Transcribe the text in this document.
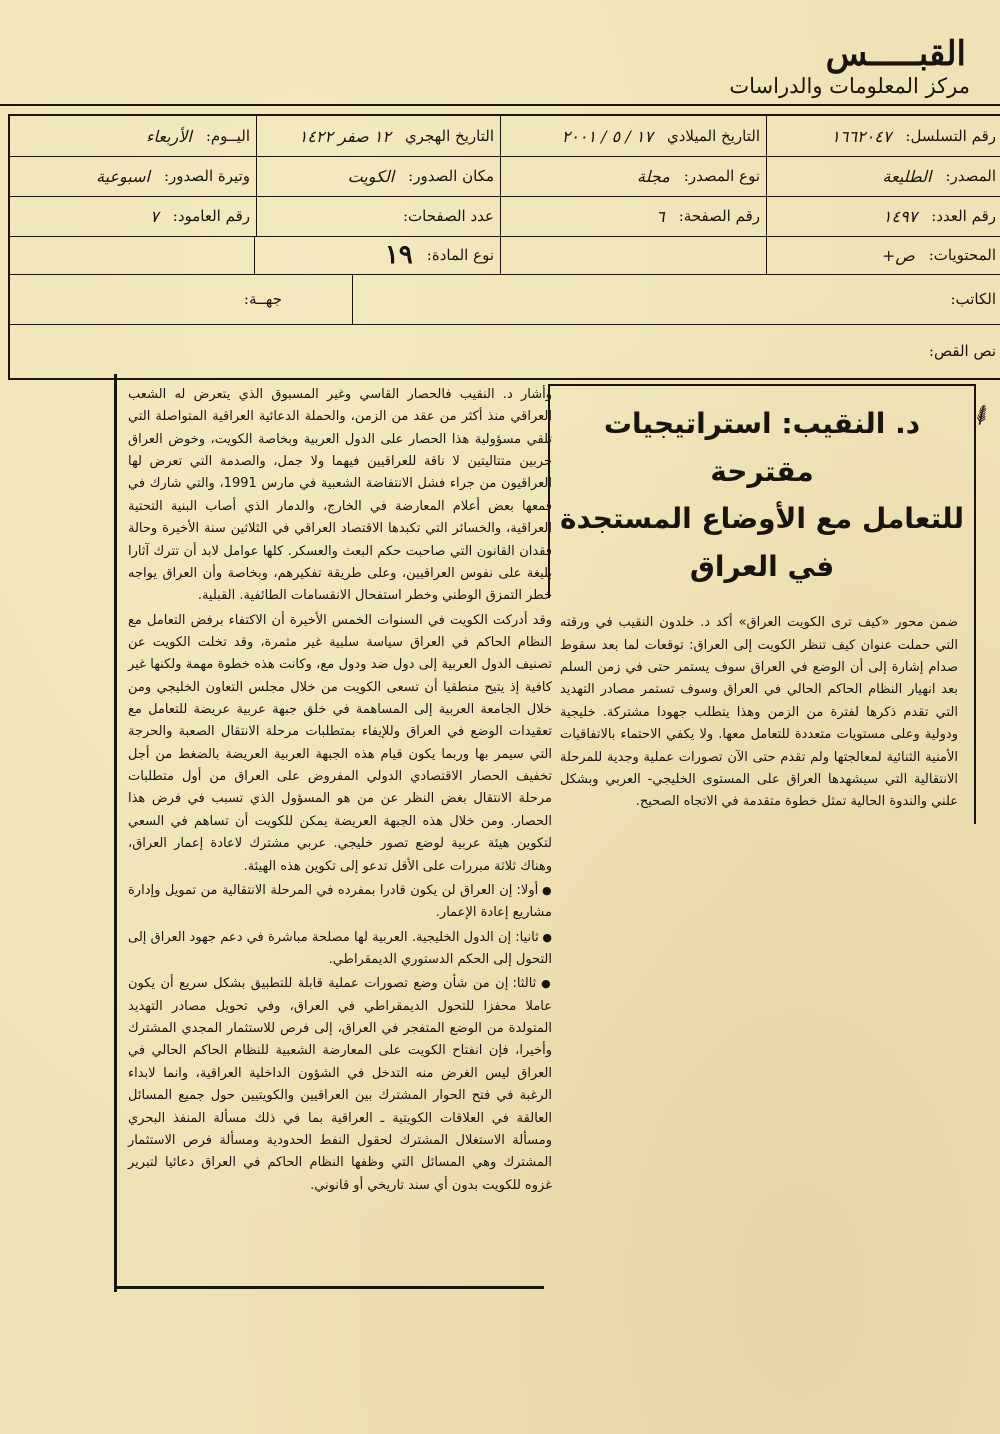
القبـــــس
مركز المعلومات والدراسات
رقم التسلسل:
١٦٦٢٠٤٧
التاريخ الميلادي
١٧ / ٥ / ٢٠٠١
التاريخ الهجري
١٢ صفر ١٤٢٢
اليــوم:
الأربعاء
المصدر:
الطليعة
نوع المصدر:
مجلة
مكان الصدور:
الكويت
وتيرة الصدور:
اسبوعية
رقم العدد:
١٤٩٧
رقم الصفحة:
٦
عدد الصفحات:
رقم العامود:
٧
المحتويات:
ص+
نوع المادة:
١٩
الكاتب:
جهــة:
نص القص:
⸙

د. النقيب: استراتيجيات مقترحة

للتعامل مع الأوضاع المستجدة في العراق

ضمن محور «كيف ترى الكويت العراق» أكد د. خلدون النقيب في ورقته التي حملت عنوان كيف تنظر الكويت إلى العراق: توقعات لما بعد سقوط صدام إشارة إلى أن الوضع في العراق سوف يستمر حتى في زمن السلم بعد انهيار النظام الحاكم الحالي في العراق وسوف تستمر مصادر التهديد التي تقدم ذكرها لفترة من الزمن وهذا يتطلب جهودا مشتركة. خليجية ودولية وعلى مستويات متعددة للتعامل معها. ولا يكفي الاحتماء بالاتفاقيات الأمنية الثنائية لمعالجتها ولم تقدم حتى الآن تصورات عملية وجدية للمرحلة الانتقالية التي سيشهدها العراق على المستوى الخليجي- العربي وبشكل علني والندوة الحالية تمثل خطوة متقدمة في الاتجاه الصحيح.

وأشار د. النقيب فالحصار القاسي وغير المسبوق الذي يتعرض له الشعب العراقي منذ أكثر من عقد من الزمن، والحملة الدعائية العراقية المتواصلة التي تلقي مسؤولية هذا الحصار على الدول العربية وبخاصة الكويت، وخوض العراق حربين متتاليتين لا ناقة للعراقيين فيهما ولا جمل، والصدمة التي تعرض لها العراقيون من جراء فشل الانتفاضة الشعبية في مارس 1991، والتي شارك في قمعها بعض أعلام المعارضة في الخارج، والدمار الذي أصاب البنية التحتية العراقية، والخسائر التي تكبدها الاقتصاد العراقي في الثلاثين سنة الأخيرة وحالة فقدان القانون التي صاحبت حكم البعث والعسكر. كلها عوامل لابد أن تترك آثارا بليغة على نفوس العراقيين، وعلى طريقة تفكيرهم، وبخاصة وأن العراق يواجه خطر التمزق الوطني وخطر استفحال الانقسامات الطائفية. القبلية.

وقد أدركت الكويت في السنوات الخمس الأخيرة أن الاكتفاء برفض التعامل مع النظام الحاكم في العراق سياسة سلبية غير مثمرة، وقد تخلت الكويت عن تصنيف الدول العربية إلى دول ضد ودول مع، وكانت هذه خطوة مهمة ولكنها غير كافية إذ يتيح منطقيا أن تسعى الكويت من خلال مجلس التعاون الخليجي ومن خلال الجامعة العربية إلى المساهمة في خلق جبهة عربية عريضة للتعامل مع تعقيدات الوضع في العراق وللإيفاء بمتطلبات مرحلة الانتقال الصعبة والحرجة التي سيمر بها وربما يكون قيام هذه الجبهة العربية العريضة بالضغط من أجل تخفيف الحصار الاقتصادي الدولي المفروض على العراق من أول متطلبات مرحلة الانتقال بغض النظر عن من هو المسؤول الذي تسبب في فرض هذا الحصار. ومن خلال هذه الجبهة العريضة يمكن للكويت أن تساهم في السعي لتكوين هيئة عربية لوضع تصور خليجي. عربي مشترك لاعادة إعمار العراق، وهناك ثلاثة مبررات على الأقل تدعو إلى تكوين هذه الهيئة.

● أولا: إن العراق لن يكون قادرا بمفرده في المرحلة الانتقالية من تمويل وإدارة مشاريع إعادة الإعمار.

● ثانيا: إن الدول الخليجية. العربية لها مصلحة مباشرة في دعم جهود العراق إلى التحول إلى الحكم الدستوري الديمقراطي.

● ثالثا: إن من شأن وضع تصورات عملية قابلة للتطبيق بشكل سريع أن يكون عاملا محفزا للتحول الديمقراطي في العراق، وفي تحويل مصادر التهديد المتولدة من الوضع المتفجر في العراق، إلى فرص للاستثمار المجدي المشترك وأخيرا، فإن انفتاح الكويت على المعارضة الشعبية للنظام الحاكم الحالي في العراق ليس الغرض منه التدخل في الشؤون الداخلية العراقية، وانما لابداء الرغبة في فتح الحوار المشترك بين العراقيين والكويتيين حول جميع المسائل العالقة في العلاقات الكويتية ـ العراقية بما في ذلك مسألة المنفذ البحري ومسألة الاستغلال المشترك لحقول النفط الحدودية ومسألة فرص الاستثمار المشترك وهي المسائل التي وظفها النظام الحاكم في العراق دعائيا لتبرير غزوه للكويت بدون أي سند تاريخي أو قانوني.
